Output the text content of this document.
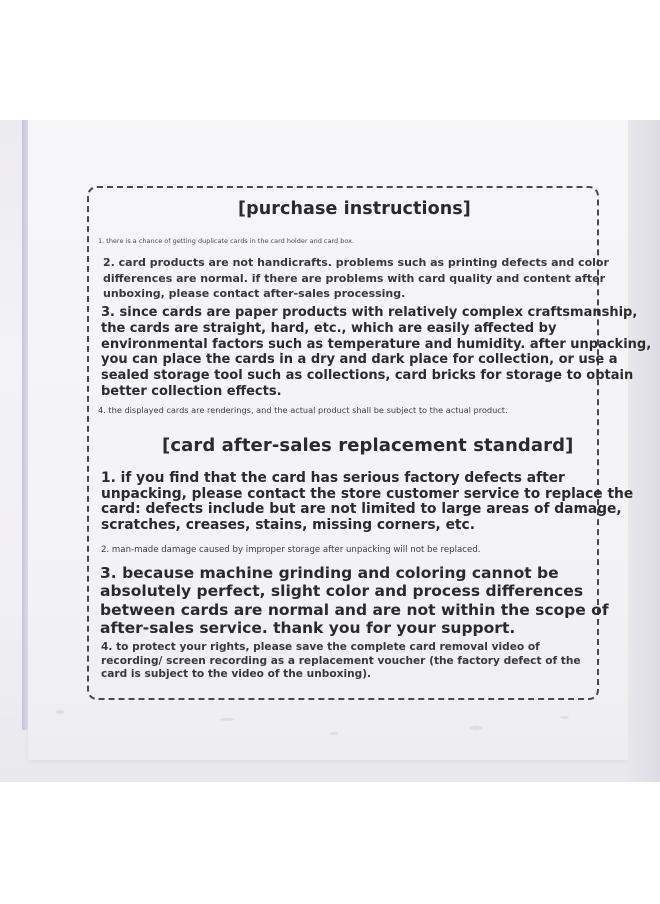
[purchase instructions]

1. there is a chance of getting duplicate cards in the card holder and card box.

2. card products are not handicrafts. problems such as printing defects and color
differences are normal. if there are problems with card quality and content after
unboxing, please contact after-sales processing.
3. since cards are paper products with relatively complex craftsmanship,
the cards are straight, hard, etc., which are easily affected by
environmental factors such as temperature and humidity. after unpacking,
you can place the cards in a dry and dark place for collection, or use a
sealed storage tool such as collections, card bricks for storage to obtain
better collection effects.

4. the displayed cards are renderings, and the actual product shall be subject to the actual product.

[card after-sales replacement standard]

1. if you find that the card has serious factory defects after
unpacking, please contact the store customer service to replace the
card: defects include but are not limited to large areas of damage,
scratches, creases, stains, missing corners, etc.

2. man-made damage caused by improper storage after unpacking will not be replaced.

3. because machine grinding and coloring cannot be
absolutely perfect, slight color and process differences
between cards are normal and are not within the scope of
after-sales service. thank you for your support.
4. to protect your rights, please save the complete card removal video of
recording/ screen recording as a replacement voucher (the factory defect of the
card is subject to the video of the unboxing).
